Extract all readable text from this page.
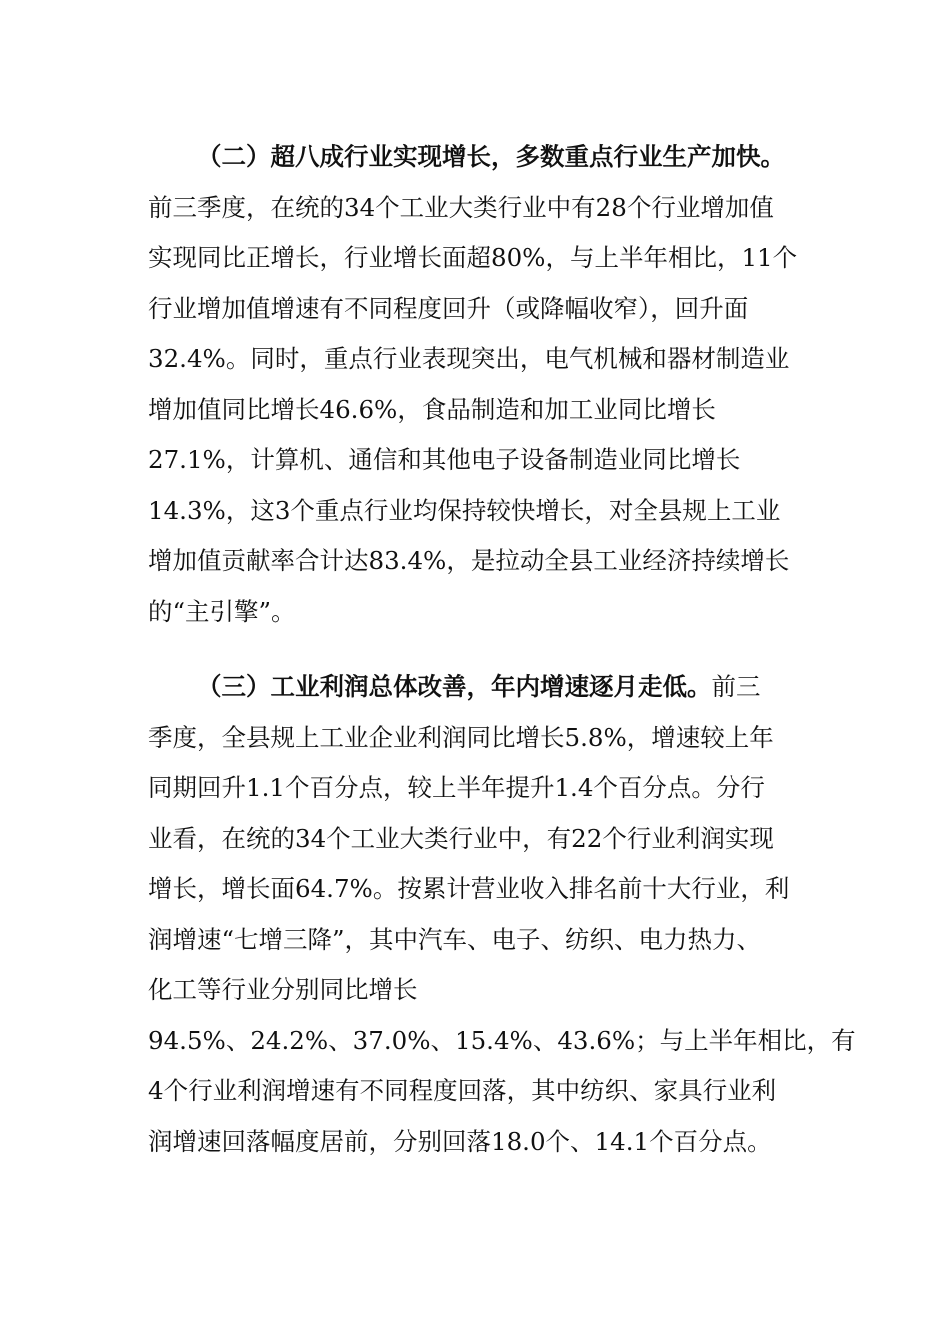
（二）超八成行业实现增长，多数重点行业生产加快。
前三季度，在统的34个工业大类行业中有28个行业增加值
实现同比正增长，行业增长面超80%，与上半年相比，11个
行业增加值增速有不同程度回升（或降幅收窄），回升面
32.4%。同时，重点行业表现突出，电气机械和器材制造业
增加值同比增长46.6%，食品制造和加工业同比增长
27.1%，计算机、通信和其他电子设备制造业同比增长
14.3%，这3个重点行业均保持较快增长，对全县规上工业
增加值贡献率合计达83.4%，是拉动全县工业经济持续增长
的“主引擎”。
（三）工业利润总体改善，年内增速逐月走低。前三
季度，全县规上工业企业利润同比增长5.8%，增速较上年
同期回升1.1个百分点，较上半年提升1.4个百分点。分行
业看，在统的34个工业大类行业中，有22个行业利润实现
增长，增长面64.7%。按累计营业收入排名前十大行业，利
润增速“七增三降”，其中汽车、电子、纺织、电力热力、
化工等行业分别同比增长
94.5%、24.2%、37.0%、15.4%、43.6%；与上半年相比，有
4个行业利润增速有不同程度回落，其中纺织、家具行业利
润增速回落幅度居前，分别回落18.0个、14.1个百分点。
